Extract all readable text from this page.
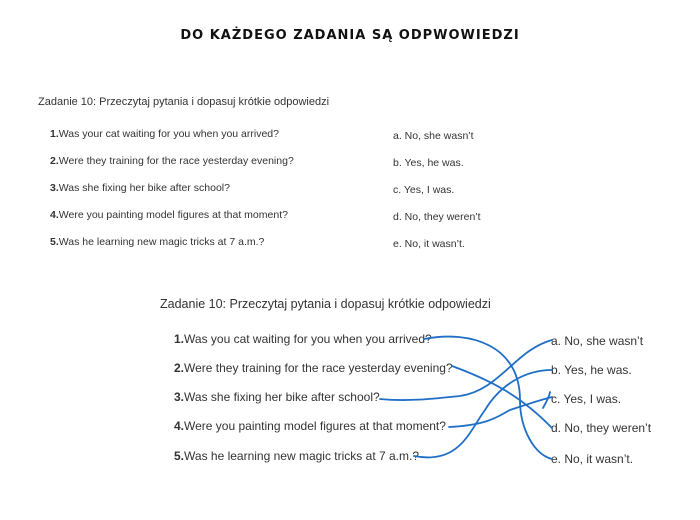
DO KAŻDEGO ZADANIA SĄ ODPWOWIEDZI
Zadanie 10: Przeczytaj pytania i dopasuj krótkie odpowiedzi
1.Was your cat waiting for you when you arrived?
2.Were they training for the race yesterday evening?
3.Was she fixing her bike after school?
4.Were you painting model figures at that moment?
5.Was he learning new magic tricks at 7 a.m.?
a. No, she wasn’t
b. Yes, he was.
c. Yes, I was.
d. No, they weren’t
e. No, it wasn’t.
Zadanie 10: Przeczytaj pytania i dopasuj krótkie odpowiedzi
1.Was you cat waiting for you when you arrived?
2.Were they training for the race yesterday evening?
3.Was she fixing her bike after school?
4.Were you painting model figures at that moment?
5.Was he learning new magic tricks at 7 a.m.?
a. No, she wasn’t
b. Yes, he was.
c. Yes, I was.
d. No, they weren’t
e. No, it wasn’t.
